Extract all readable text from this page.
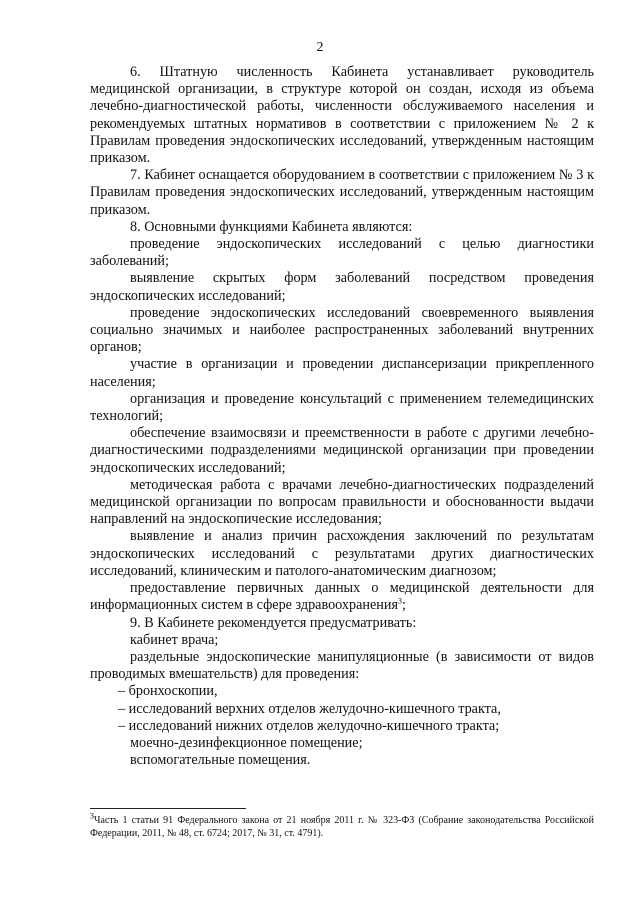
2

6. Штатную численность Кабинета устанавливает руководитель медицинской организации, в структуре которой он создан, исходя из объема лечебно-диагностической работы, численности обслуживаемого населения и рекомендуемых штатных нормативов в соответствии с приложением № 2 к Правилам проведения эндоскопических исследований, утвержденным настоящим приказом.

7. Кабинет оснащается оборудованием в соответствии с приложением № 3 к Правилам проведения эндоскопических исследований, утвержденным настоящим приказом.

8. Основными функциями Кабинета являются:

проведение эндоскопических исследований с целью диагностики заболеваний;

выявление скрытых форм заболеваний посредством проведения эндоскопических исследований;

проведение эндоскопических исследований своевременного выявления социально значимых и наиболее распространенных заболеваний внутренних органов;

участие в организации и проведении диспансеризации прикрепленного населения;

организация и проведение консультаций с применением телемедицинских технологий;

обеспечение взаимосвязи и преемственности в работе с другими лечебно-диагностическими подразделениями медицинской организации при проведении эндоскопических исследований;

методическая работа с врачами лечебно-диагностических подразделений медицинской организации по вопросам правильности и обоснованности выдачи направлений на эндоскопические исследования;

выявление и анализ причин расхождения заключений по результатам эндоскопических исследований с результатами других диагностических исследований, клиническим и патолого-анатомическим диагнозом;

предоставление первичных данных о медицинской деятельности для информационных систем в сфере здравоохранения$^3$;

9. В Кабинете рекомендуется предусматривать:

кабинет врача;

раздельные эндоскопические манипуляционные (в зависимости от видов проводимых вмешательств) для проведения:

– бронхоскопии,

– исследований верхних отделов желудочно-кишечного тракта,

– исследований нижних отделов желудочно-кишечного тракта;

моечно-дезинфекционное помещение;

вспомогательные помещения.

$^3$Часть 1 статьи 91 Федерального закона от 21 ноября 2011 г. № 323-ФЗ (Собрание законодательства Российской Федерации, 2011, № 48, ст. 6724; 2017, № 31, ст. 4791).
